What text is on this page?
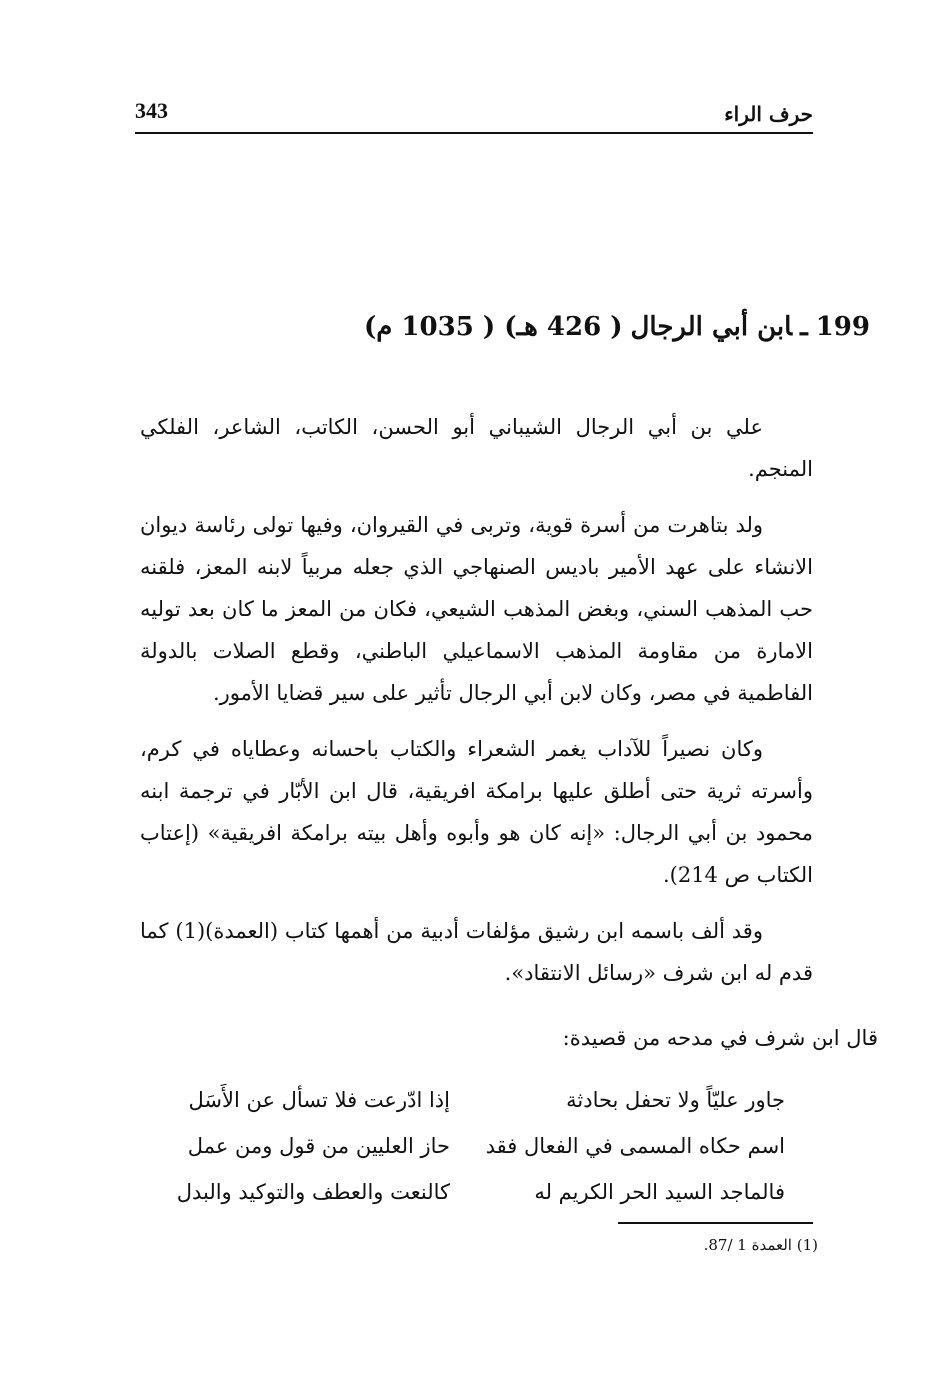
حرف الراء
343
199ـابن أبي الرجال( 426 هـ) ( 1035 م)

علي بن أبي الرجال الشيباني أبو الحسن، الكاتب، الشاعر، الفلكي المنجم.

ولد بتاهرت من أسرة قوية، وتربى في القيروان، وفيها تولى رئاسة ديوان الانشاء على عهد الأمير باديس الصنهاجي الذي جعله مربياً لابنه المعز، فلقنه حب المذهب السني، وبغض المذهب الشيعي، فكان من المعز ما كان بعد توليه الامارة من مقاومة المذهب الاسماعيلي الباطني، وقطع الصلات بالدولة الفاطمية في مصر، وكان لابن أبي الرجال تأثير على سير قضايا الأمور.

وكان نصيراً للآداب يغمر الشعراء والكتاب باحسانه وعطاياه في كرم، وأسرته ثرية حتى أطلق عليها برامكة افريقية، قال ابن الأبّار في ترجمة ابنه محمود بن أبي الرجال: «إنه كان هو وأبوه وأهل بيته برامكة افريقية» (إعتاب الكتاب ص 214).

وقد ألف باسمه ابن رشيق مؤلفات أدبية من أهمها كتاب (العمدة)(1) كما قدم له ابن شرف «رسائل الانتقاد».

قال ابن شرف في مدحه من قصيدة:
جاور عليّاً ولا تحفل بحادثة
إذا ادّرعت فلا تسأل عن الأَسَل
اسم حكاه المسمى في الفعال فقد
حاز العليين من قول ومن عمل
فالماجد السيد الحر الكريم له
كالنعت والعطف والتوكيد والبدل
(1) العمدة 1 /87.
